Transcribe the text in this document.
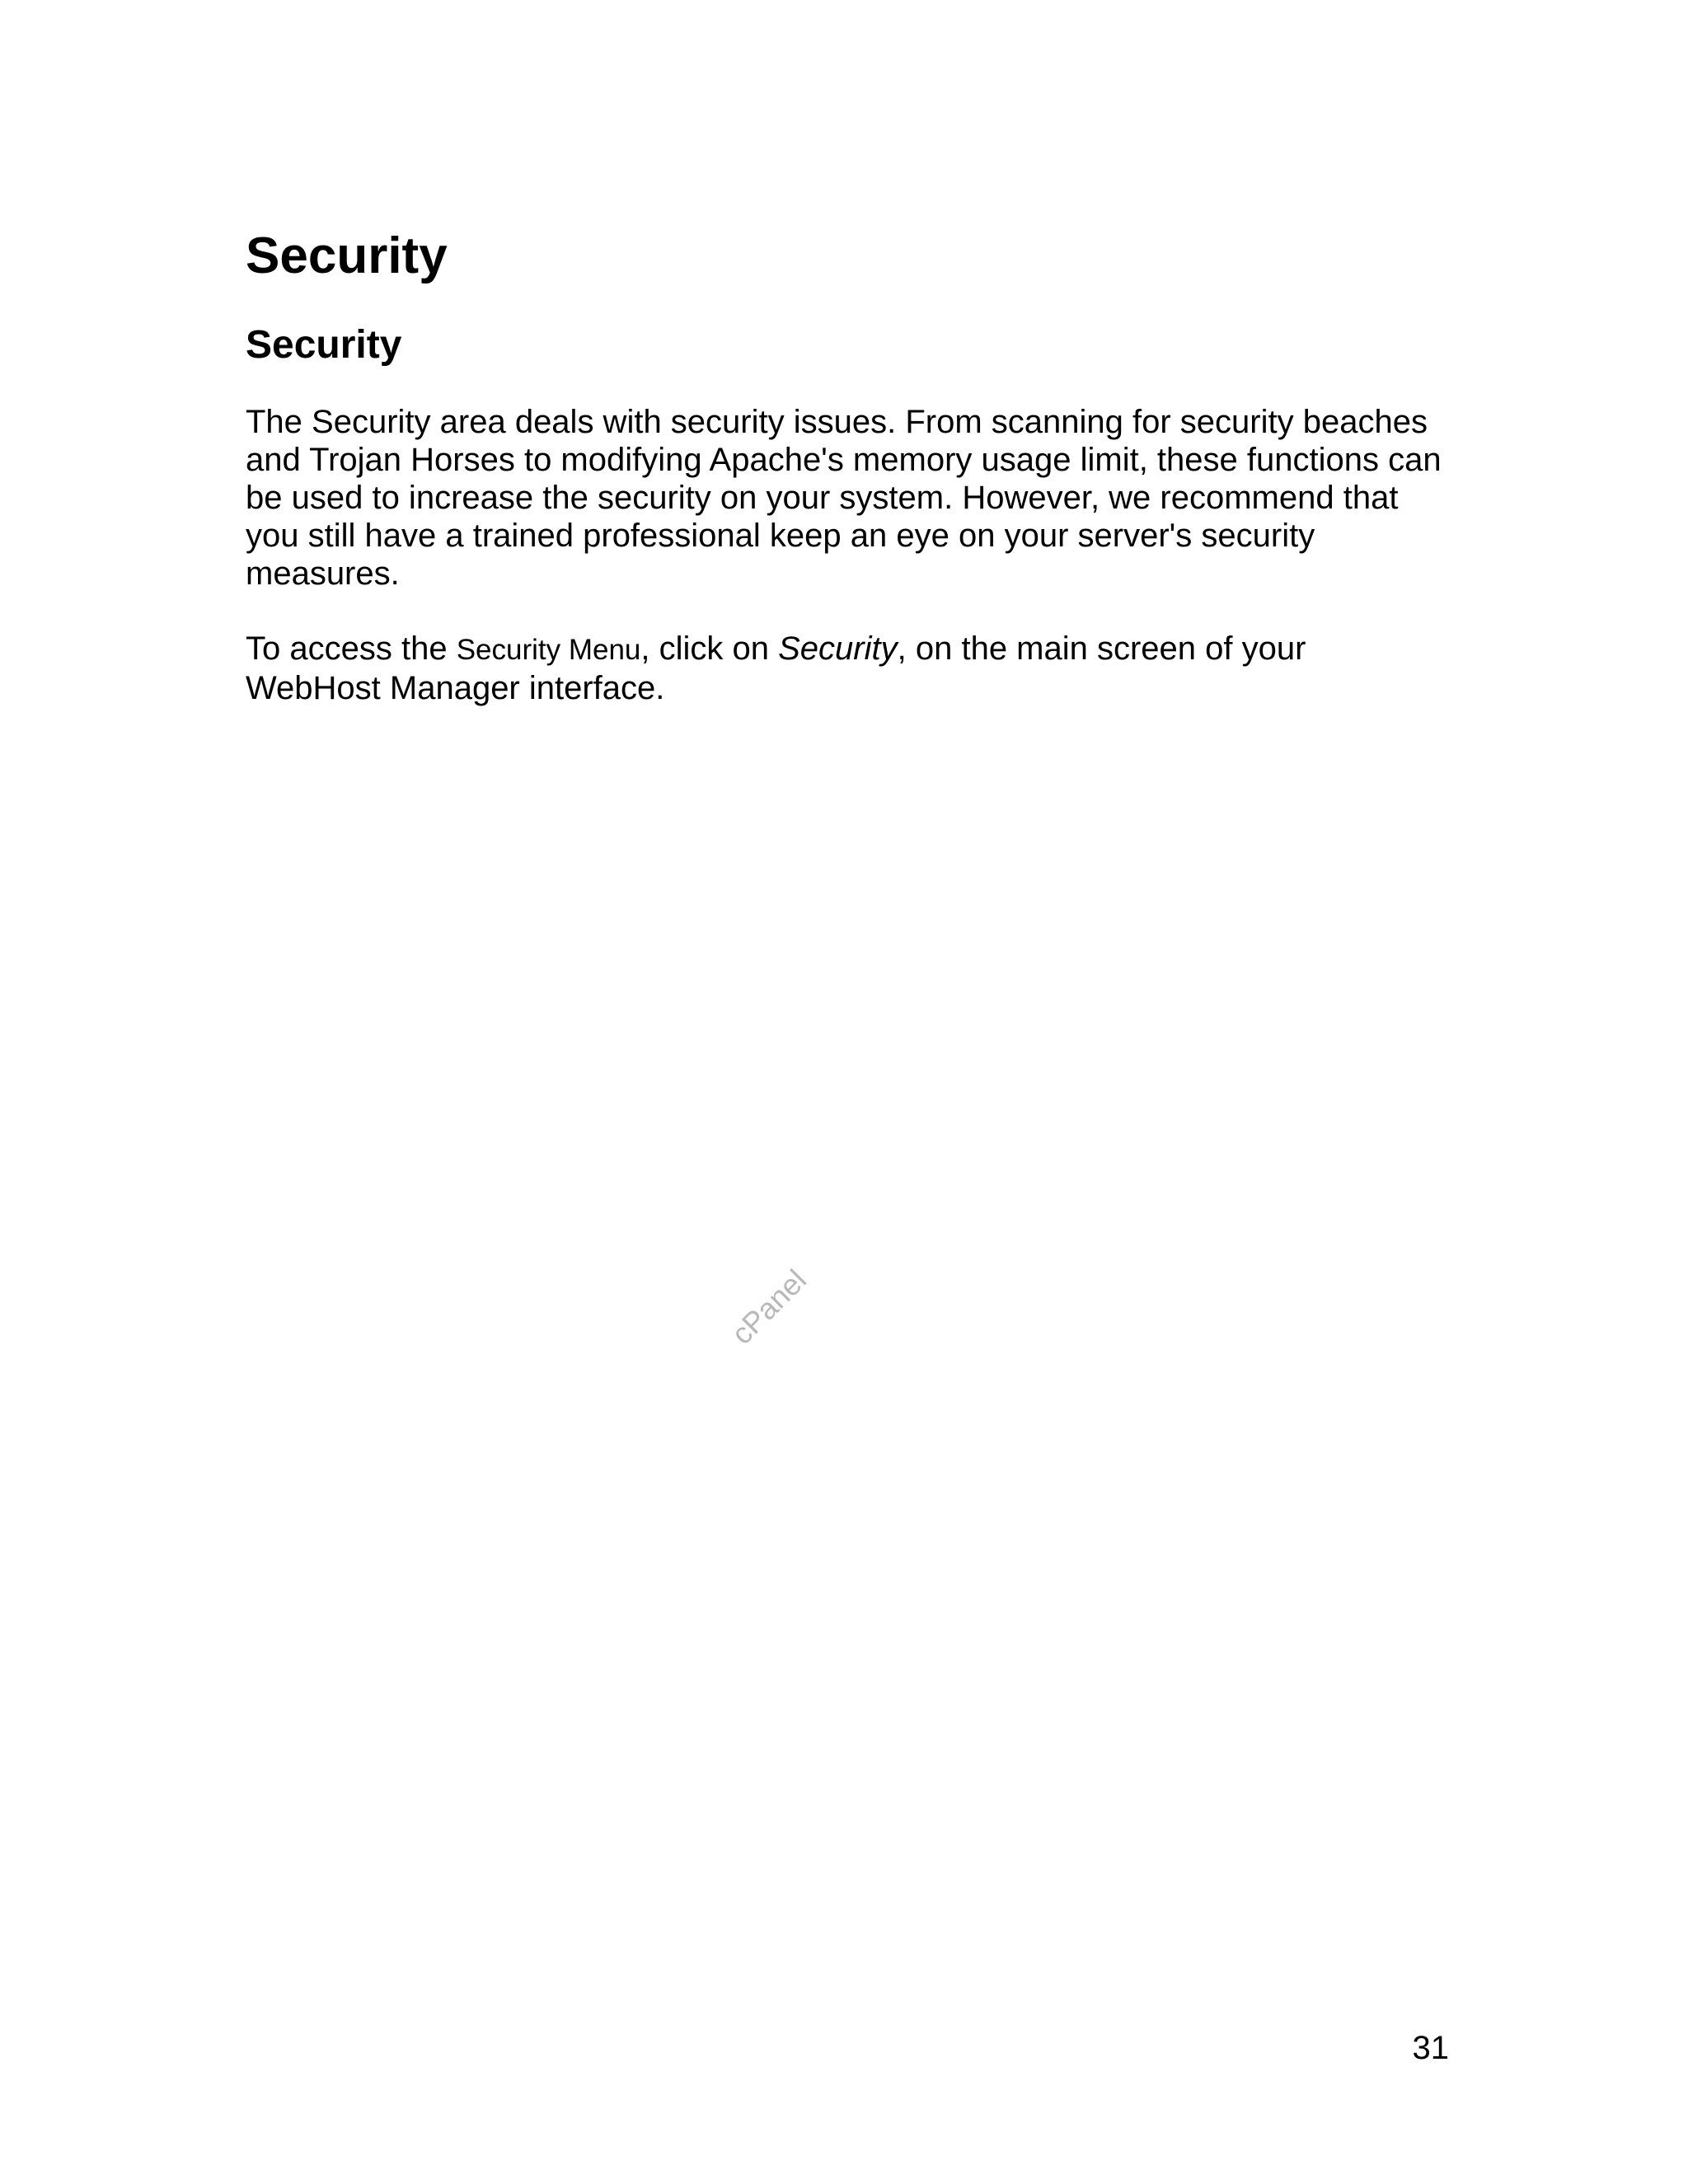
Security
Security

The Security area deals with security issues. From scanning for security beaches and Trojan Horses to modifying Apache's memory usage limit, these functions can be used to increase the security on your system. However, we recommend that you still have a trained professional keep an eye on your server's security measures.

To access the Security Menu, click on Security, on the main screen of your WebHost Manager interface.

cPanel
31
